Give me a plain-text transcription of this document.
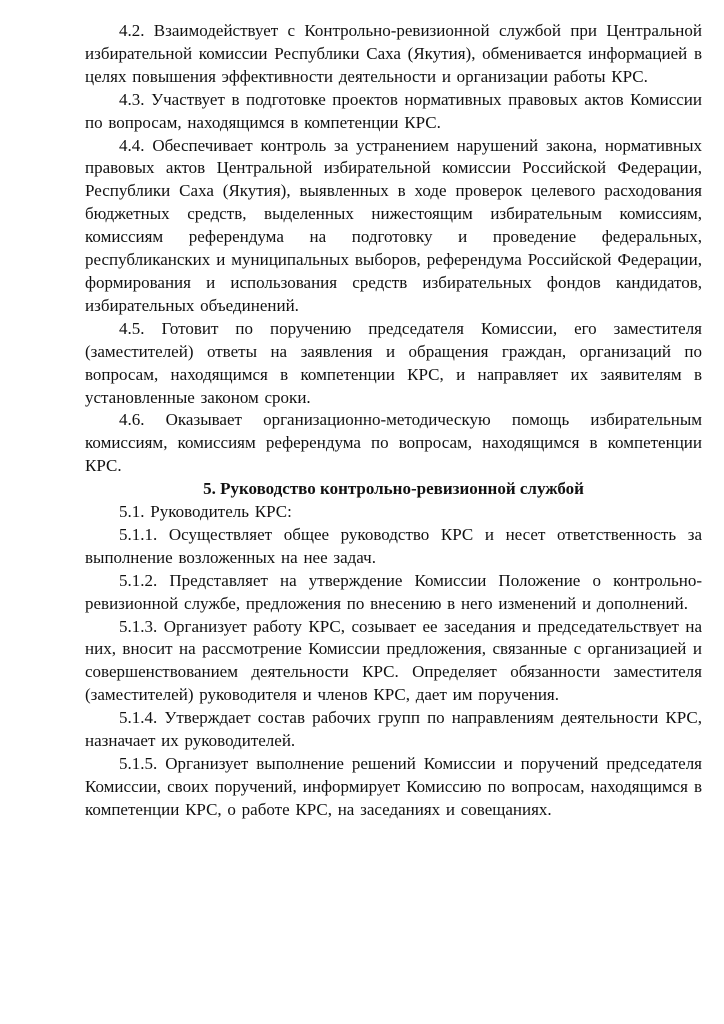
4.2. Взаимодействует с Контрольно-ревизионной службой при Центральной избирательной комиссии Республики Саха (Якутия), обменивается информацией в целях повышения эффективности деятельности и организации работы КРС.

4.3. Участвует в подготовке проектов нормативных правовых актов Комиссии по вопросам, находящимся в компетенции КРС.

4.4. Обеспечивает контроль за устранением нарушений закона, нормативных правовых актов Центральной избирательной комиссии Российской Федерации, Республики Саха (Якутия), выявленных в ходе проверок целевого расходования бюджетных средств, выделенных нижестоящим избирательным комиссиям, комиссиям референдума на подготовку и проведение федеральных, республиканских и муниципальных выборов, референдума Российской Федерации, формирования и использования средств избирательных фондов кандидатов, избирательных объединений.

4.5. Готовит по поручению председателя Комиссии, его заместителя (заместителей) ответы на заявления и обращения граждан, организаций по вопросам, находящимся в компетенции КРС, и направляет их заявителям в установленные законом сроки.

4.6. Оказывает организационно-методическую помощь избирательным комиссиям, комиссиям референдума по вопросам, находящимся в компетенции КРС.

5. Руководство контрольно-ревизионной службой

5.1. Руководитель КРС:

5.1.1. Осуществляет общее руководство КРС и несет ответственность за выполнение возложенных на нее задач.

5.1.2. Представляет на утверждение Комиссии Положение о контрольно-ревизионной службе, предложения по внесению в него изменений и дополнений.

5.1.3. Организует работу КРС, созывает ее заседания и председательствует на них, вносит на рассмотрение Комиссии предложения, связанные с организацией и совершенствованием деятельности КРС. Определяет обязанности заместителя (заместителей) руководителя и членов КРС, дает им поручения.

5.1.4. Утверждает состав рабочих групп по направлениям деятельности КРС, назначает их руководителей.

5.1.5. Организует выполнение решений Комиссии и поручений председателя Комиссии, своих поручений, информирует Комиссию по вопросам, находящимся в компетенции КРС, о работе КРС, на заседаниях и совещаниях.
